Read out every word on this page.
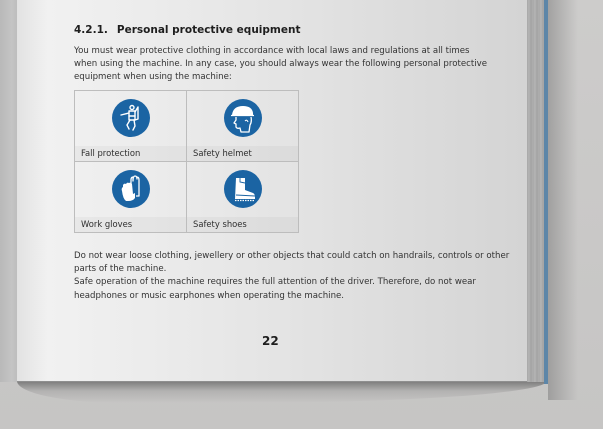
4.2.1. Personal protective equipment

You must wear protective clothing in accordance with local laws and regulations at all times when using the machine. In any case, you should always wear the following personal protective equipment when using the machine:

Fall protection	Safety helmet

Work gloves	Safety shoes

Do not wear loose clothing, jewellery or other objects that could catch on handrails, controls or other parts of the machine.

Safe operation of the machine requires the full attention of the driver. Therefore, do not wear headphones or music earphones when operating the machine.

22
